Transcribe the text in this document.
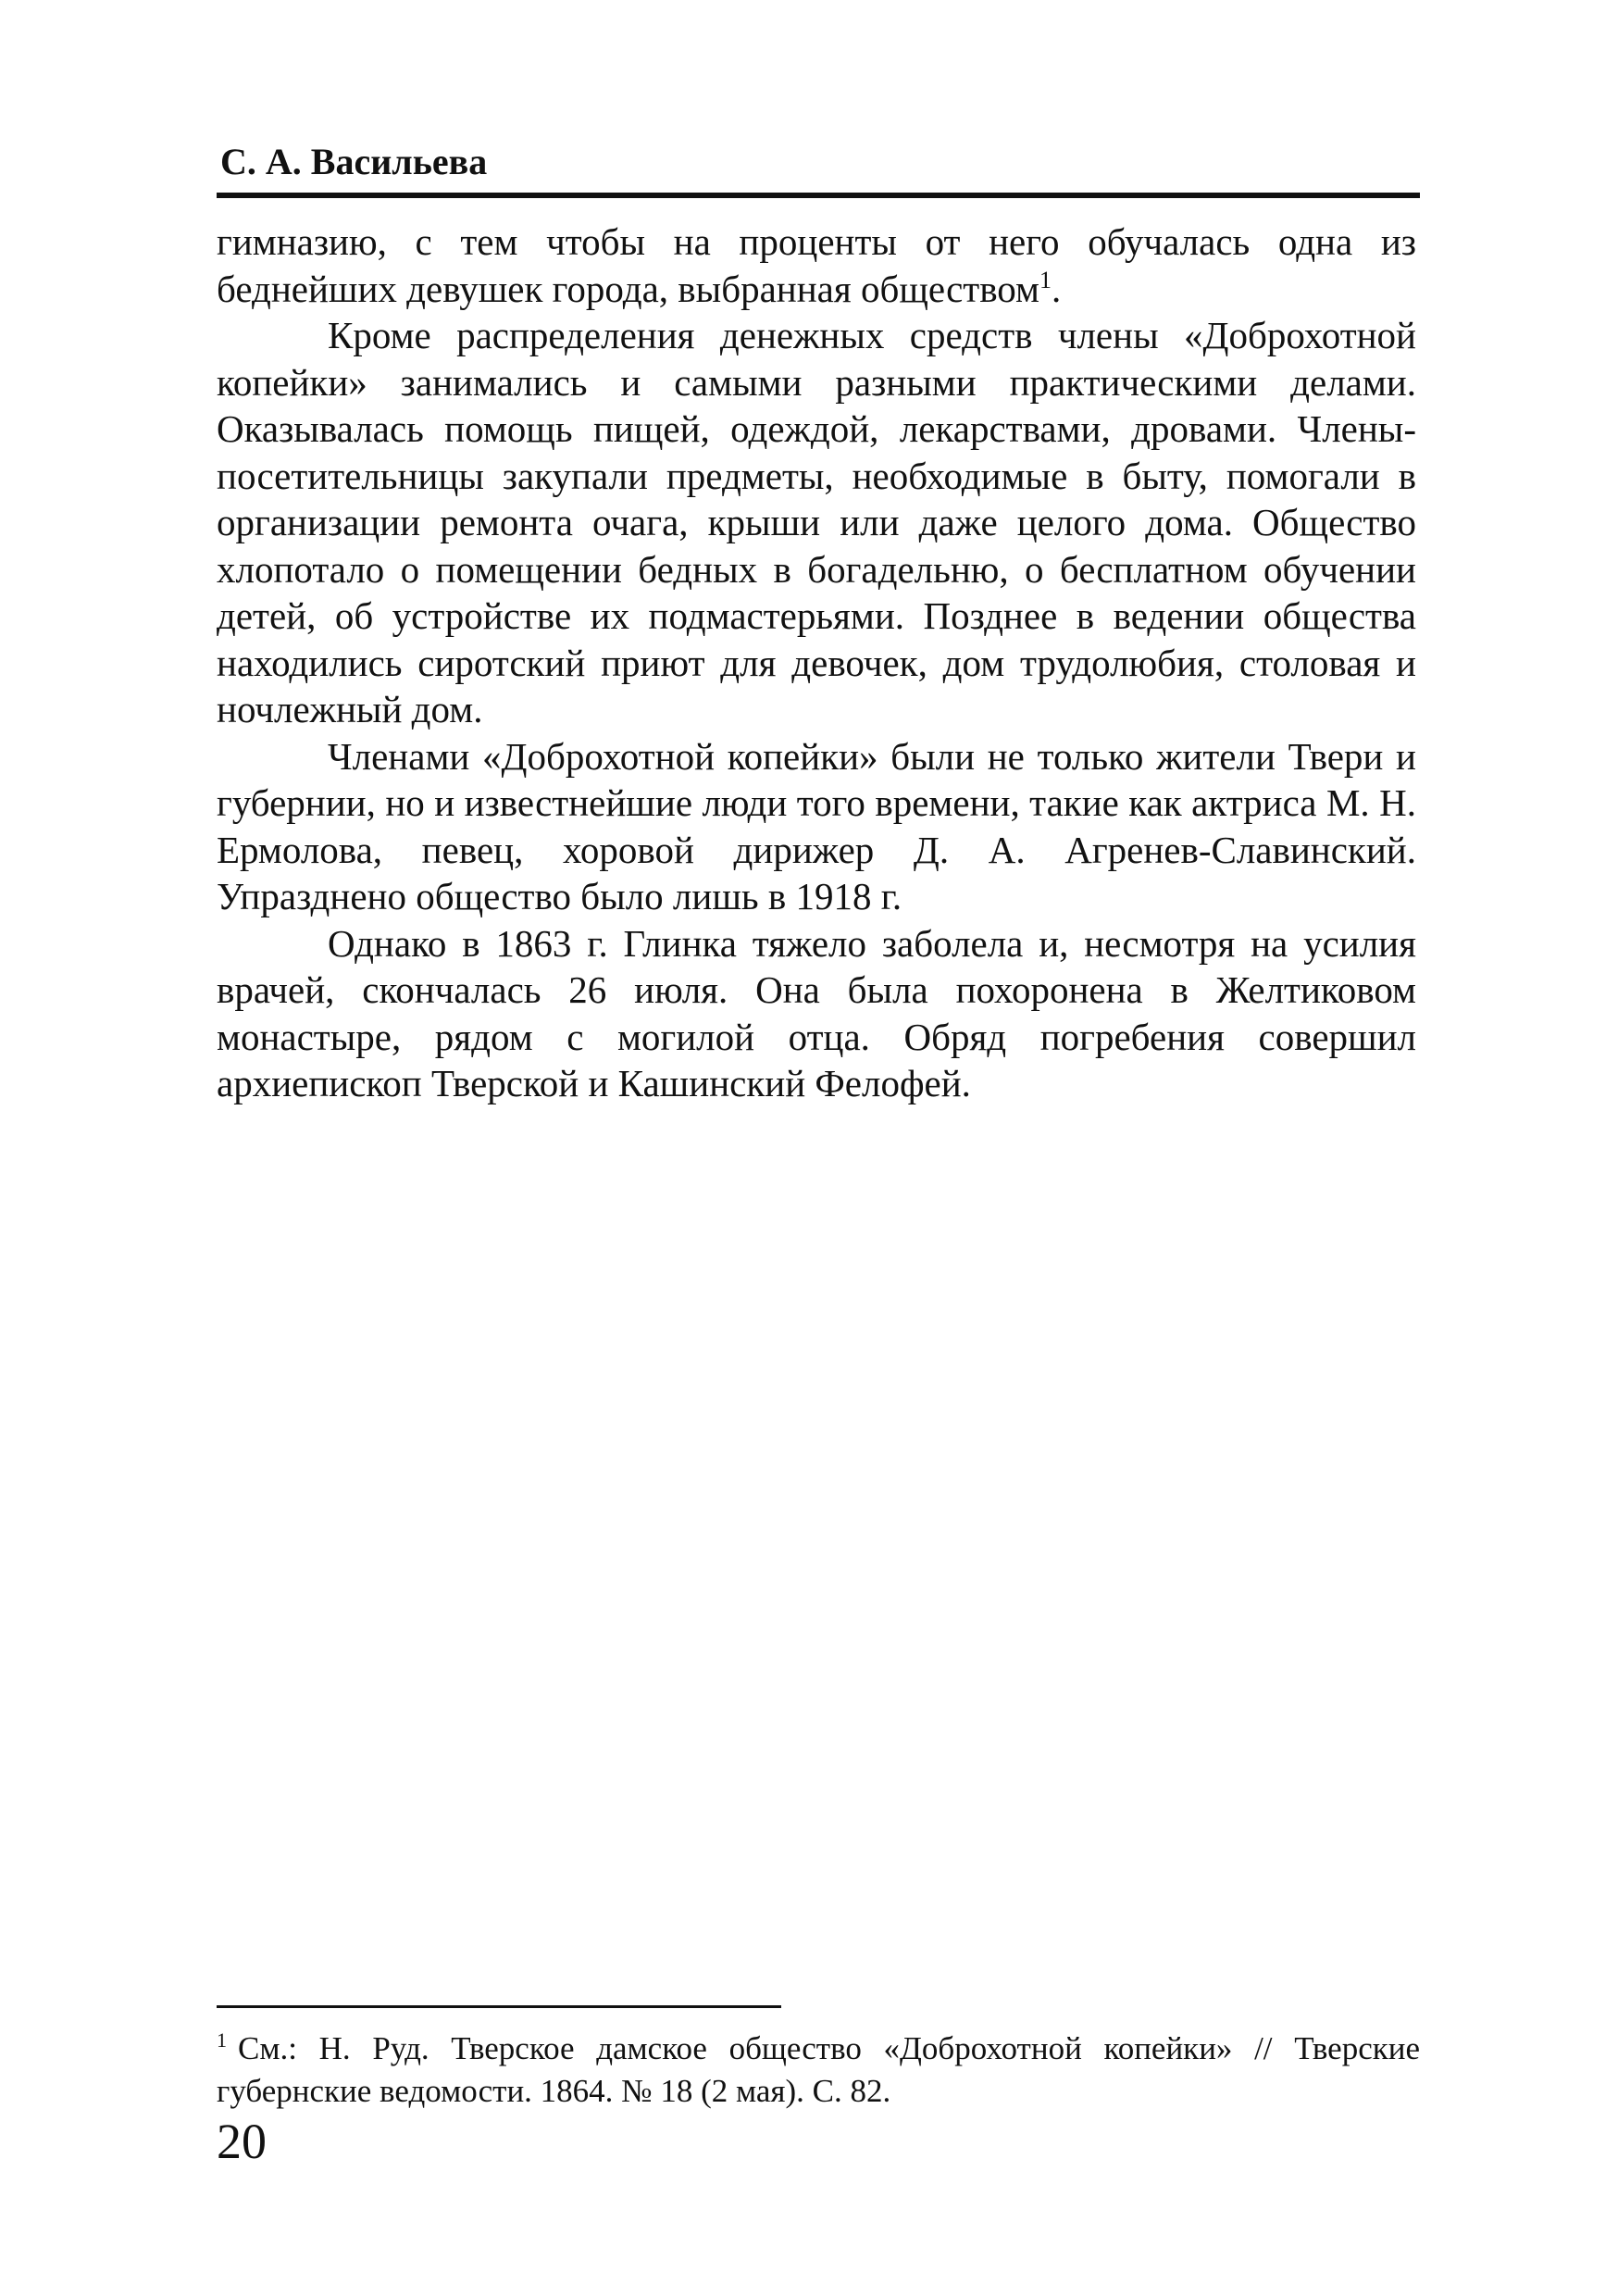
С. А. Васильева

гимназию, с тем чтобы на проценты от него обучалась одна из беднейших девушек города, выбранная обществом$^1$.

Кроме распределения денежных средств члены «Доброхотной копейки» занимались и самыми разными практическими делами. Оказывалась помощь пищей, одеждой, лекарствами, дровами. Члены-посетительницы закупали предметы, необходимые в быту, помогали в организации ремонта очага, крыши или даже целого дома. Общество хлопотало о помещении бедных в богадельню, о бесплатном обучении детей, об устройстве их подмастерьями. Позднее в ведении общества находились сиротский приют для девочек, дом трудолюбия, столовая и ночлежный дом.

Членами «Доброхотной копейки» были не только жители Твери и губернии, но и известнейшие люди того времени, такие как актриса М. Н. Ермолова, певец, хоровой дирижер Д. А. Агренев-Славинский. Упразднено общество было лишь в 1918 г.

Однако в 1863 г. Глинка тяжело заболела и, несмотря на усилия врачей, скончалась 26 июля. Она была похоронена в Желтиковом монастыре, рядом с могилой отца. Обряд погребения совершил архиепископ Тверской и Кашинский Фелофей.

$^1$ См.: Н. Руд. Тверское дамское общество «Доброхотной копейки» // Тверские губернские ведомости. 1864. № 18 (2 мая). С. 82.
20
